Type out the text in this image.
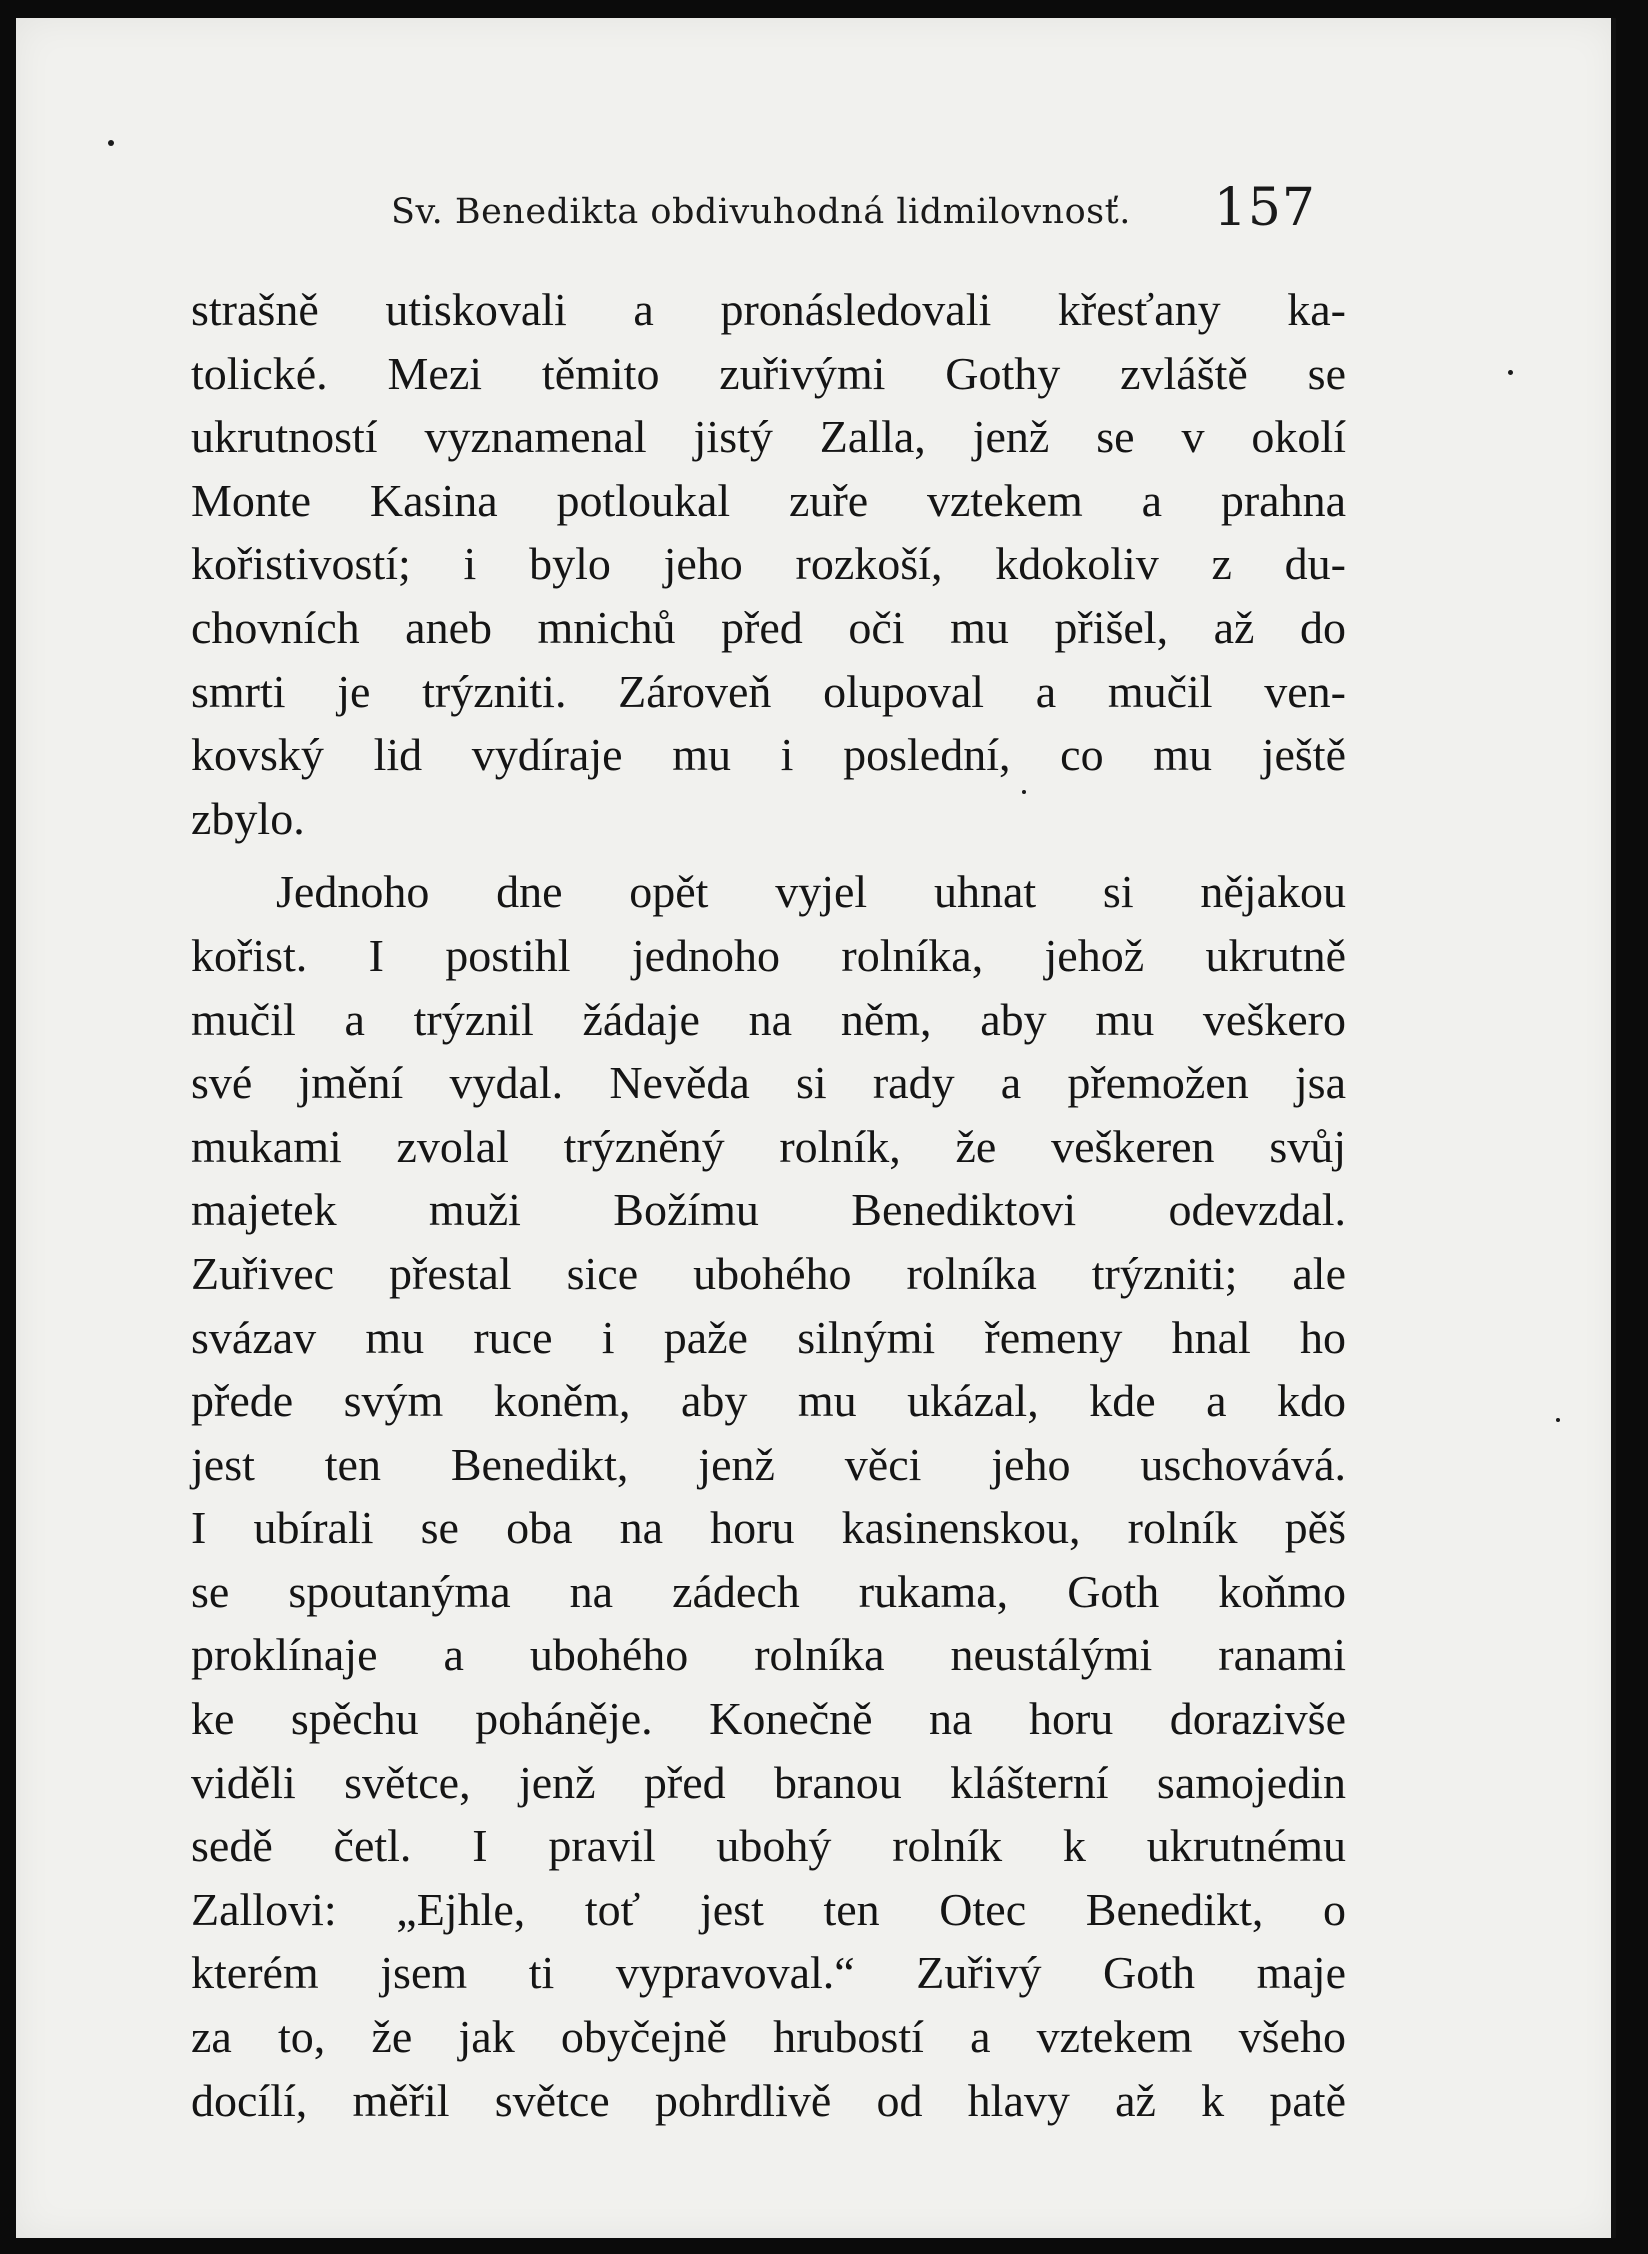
Sv. Benedikta obdivuhodná lidmilovnosť. 157

strašně utiskovali a pronásledovali křesťany ka-
tolické. Mezi těmito zuřivými Gothy zvláště se
ukrutností vyznamenal jistý Zalla, jenž se v okolí
Monte Kasina potloukal zuře vztekem a prahna
kořistivostí; i bylo jeho rozkoší, kdokoliv z du-
chovních aneb mnichů před oči mu přišel, až do
smrti je trýzniti. Zároveň olupoval a mučil ven-
kovský lid vydíraje mu i poslední, co mu ještě
zbylo.

Jednoho dne opět vyjel uhnat si nějakou
kořist. I postihl jednoho rolníka, jehož ukrutně
mučil a trýznil žádaje na něm, aby mu veškero
své jmění vydal. Nevěda si rady a přemožen jsa
mukami zvolal trýzněný rolník, že veškeren svůj
majetek muži Božímu Benediktovi odevzdal.
Zuřivec přestal sice ubohého rolníka trýzniti; ale
svázav mu ruce i paže silnými řemeny hnal ho
přede svým koněm, aby mu ukázal, kde a kdo
jest ten Benedikt, jenž věci jeho uschovává.
I ubírali se oba na horu kasinenskou, rolník pěš
se spoutanýma na zádech rukama, Goth koňmo
proklínaje a ubohého rolníka neustálými ranami
ke spěchu poháněje. Konečně na horu dorazivše
viděli světce, jenž před branou klášterní samojedin
sedě četl. I pravil ubohý rolník k ukrutnému
Zallovi: „Ejhle, toť jest ten Otec Benedikt, o
kterém jsem ti vypravoval.“ Zuřivý Goth maje
za to, že jak obyčejně hrubostí a vztekem všeho
docílí, měřil světce pohrdlivě od hlavy až k patě
